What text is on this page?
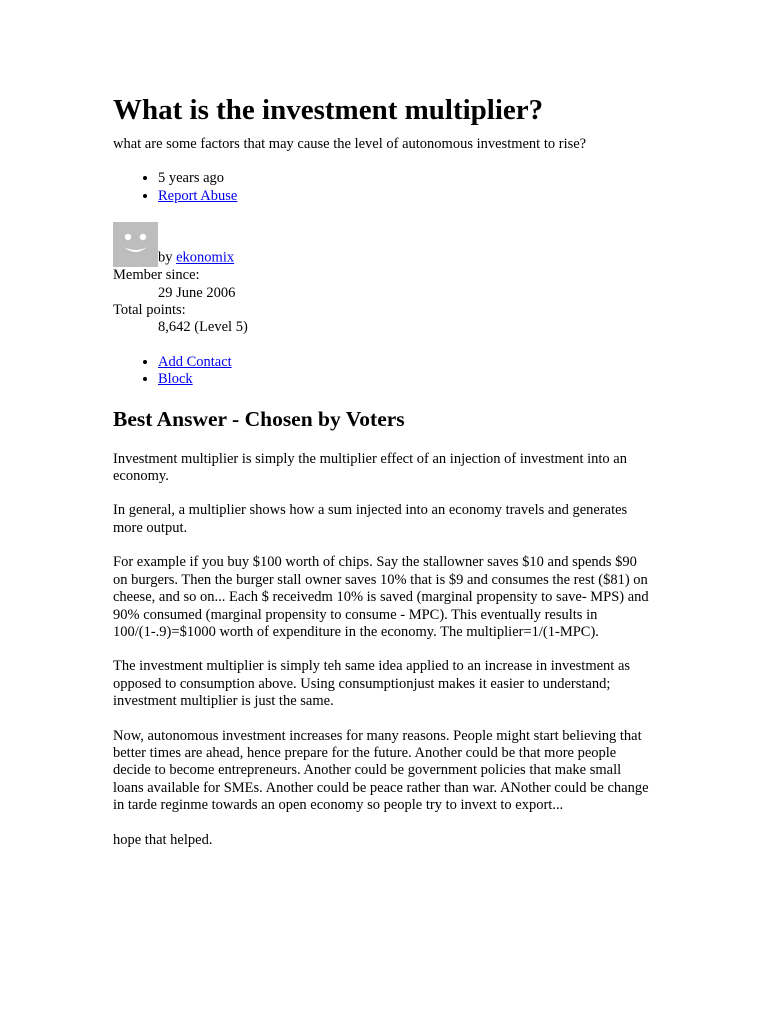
What is the investment multiplier?
what are some factors that may cause the level of autonomous investment to rise?
• 5 years ago
• Report Abuse
by ekonomix
Member since:
29 June 2006
Total points:
8,642 (Level 5)
• Add Contact
• Block
Best Answer - Chosen by Voters

Investment multiplier is simply the multiplier effect of an injection of investment into an economy.

In general, a multiplier shows how a sum injected into an economy travels and generates more output.

For example if you buy $100 worth of chips. Say the stallowner saves $10 and spends $90 on burgers. Then the burger stall owner saves 10% that is $9 and consumes the rest ($81) on cheese, and so on... Each $ receivedm 10% is saved (marginal propensity to save- MPS) and 90% consumed (marginal propensity to consume - MPC). This eventually results in 100/(1-.9)=$1000 worth of expenditure in the economy. The multiplier=1/(1-MPC).

The investment multiplier is simply teh same idea applied to an increase in investment as opposed to consumption above. Using consumptionjust makes it easier to understand; investment multiplier is just the same.

Now, autonomous investment increases for many reasons. People might start believing that better times are ahead, hence prepare for the future. Another could be that more people decide to become entrepreneurs. Another could be government policies that make small loans available for SMEs. Another could be peace rather than war. ANother could be change in tarde reginme towards an open economy so people try to invext to export...

hope that helped.
